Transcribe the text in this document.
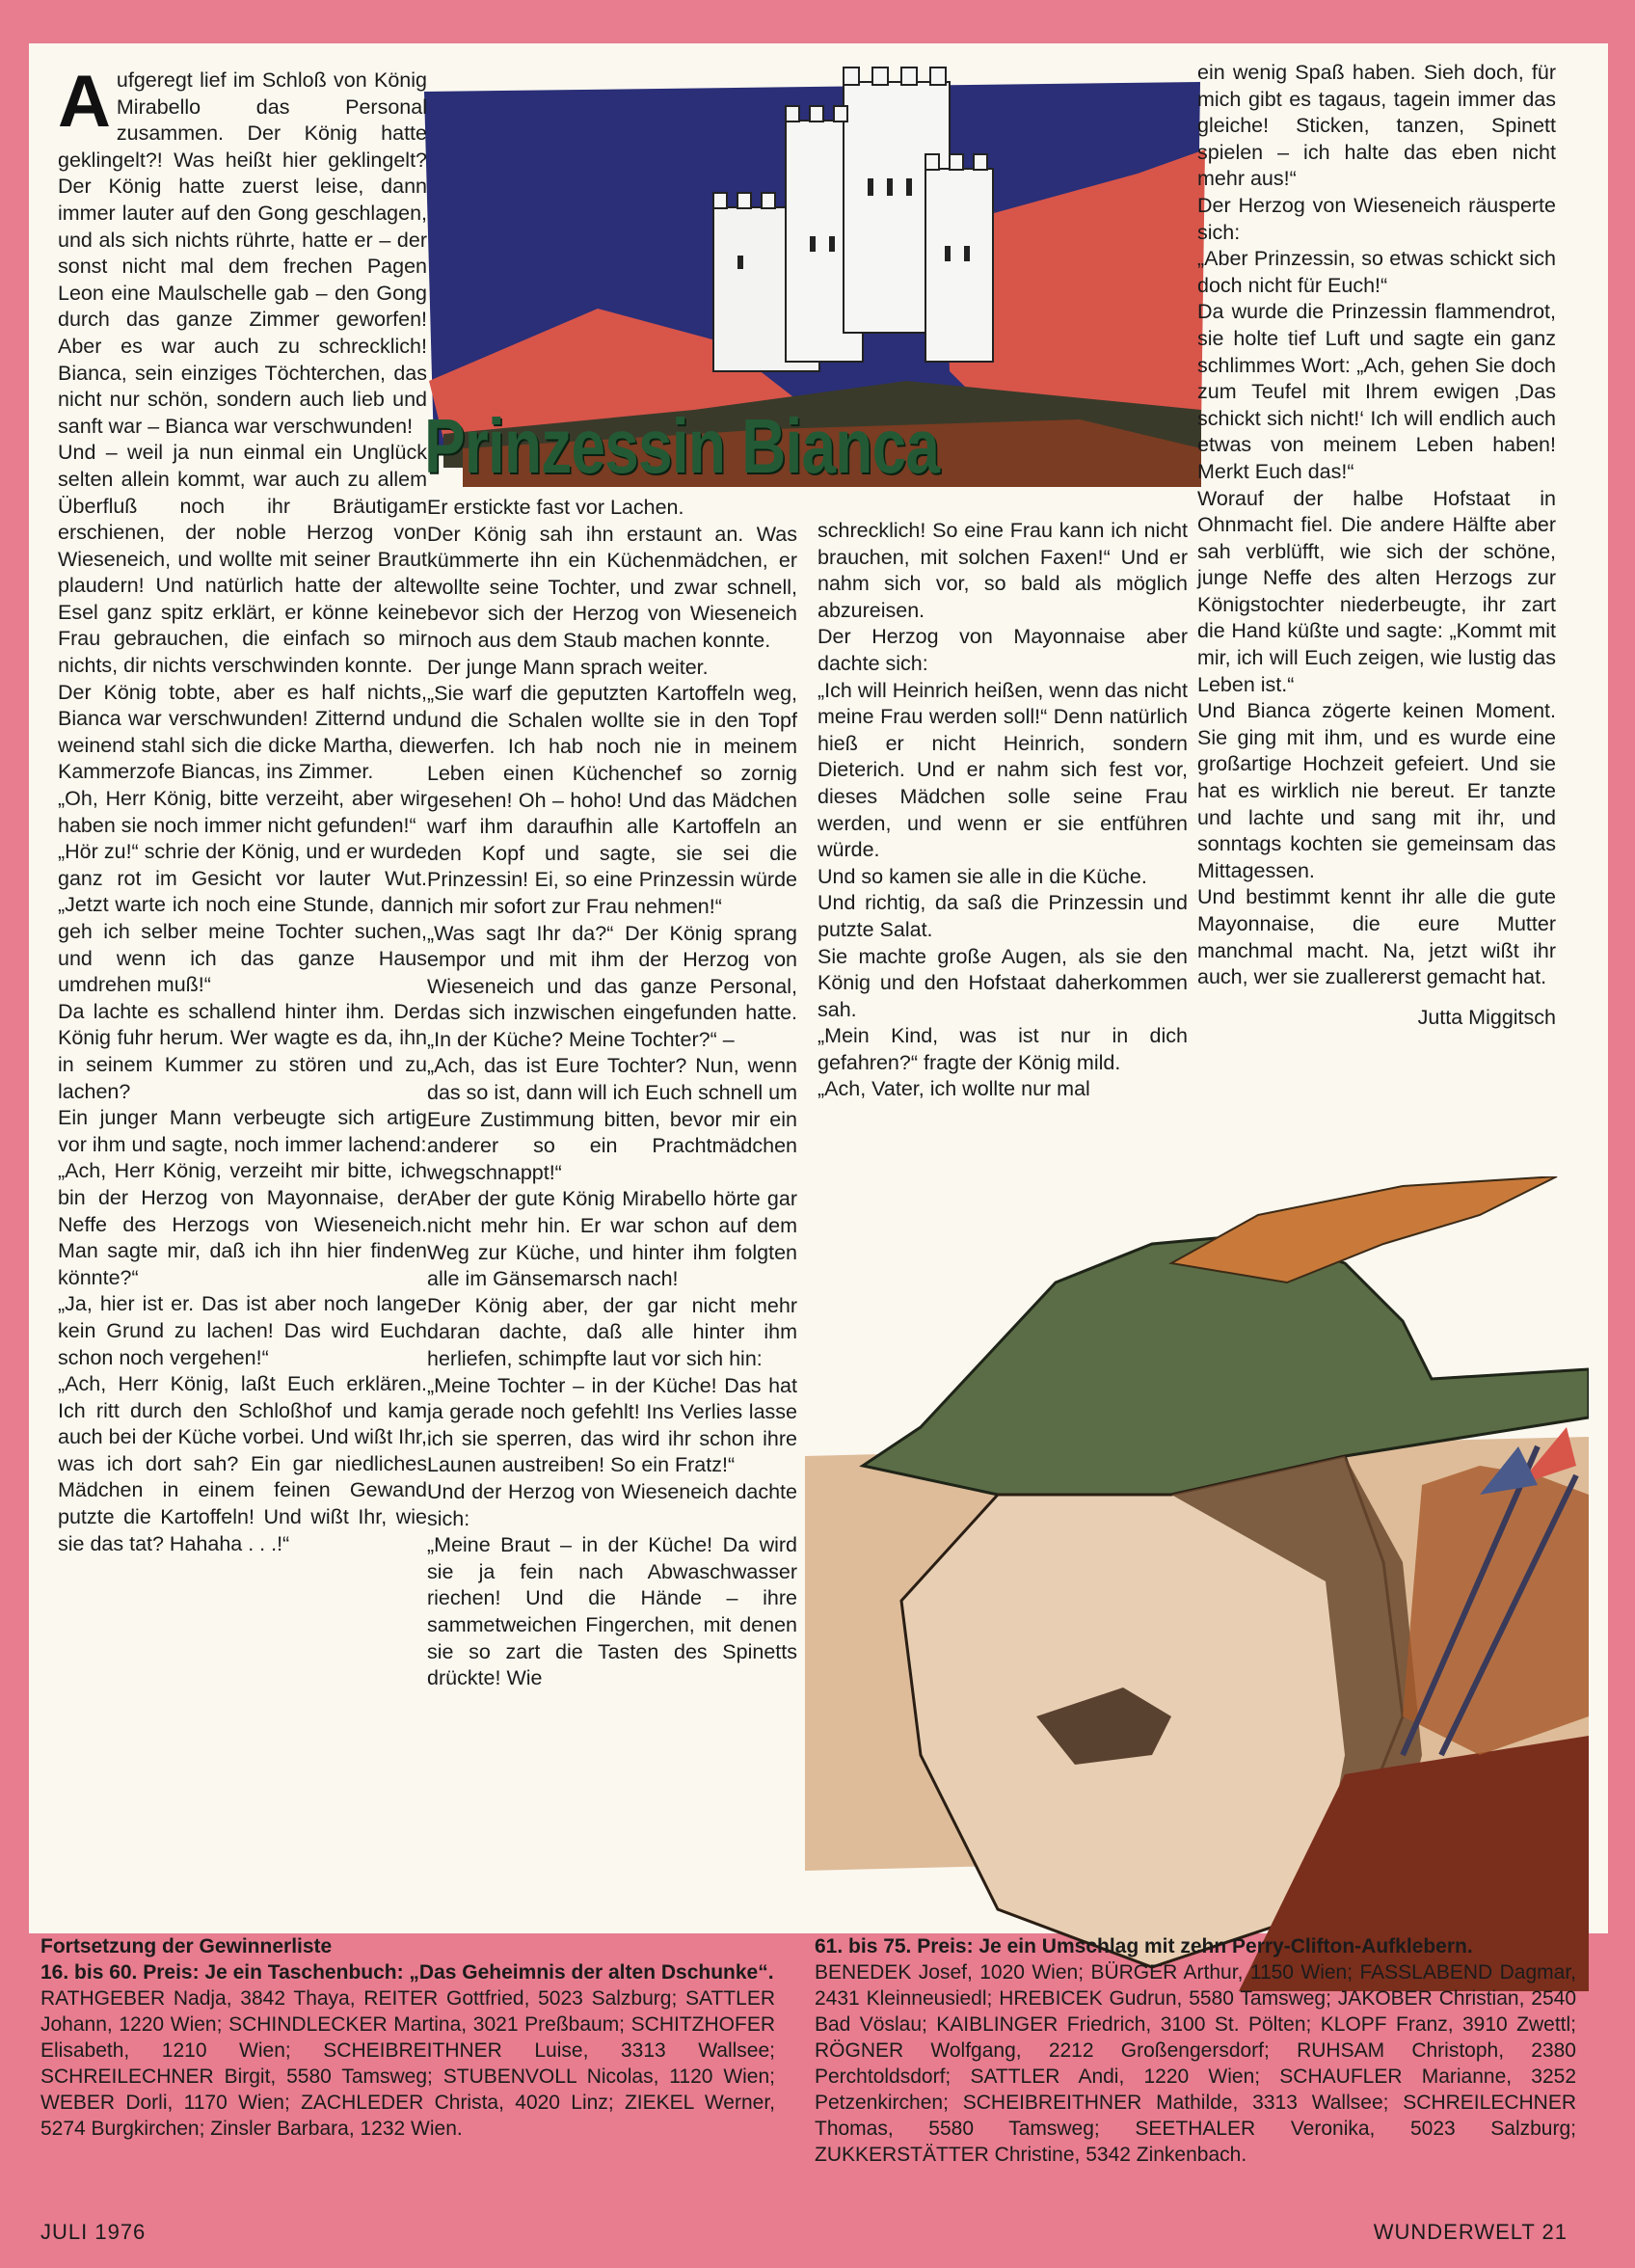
Prinzessin Bianca

Aufgeregt lief im Schloß von König Mirabello das Personal zusammen. Der König hatte geklingelt?! Was heißt hier geklingelt? Der König hatte zuerst leise, dann immer lauter auf den Gong geschlagen, und als sich nichts rührte, hatte er – der sonst nicht mal dem frechen Pagen Leon eine Maulschelle gab – den Gong durch das ganze Zimmer geworfen! Aber es war auch zu schrecklich! Bianca, sein einziges Töchterchen, das nicht nur schön, sondern auch lieb und sanft war – Bianca war verschwunden!

Und – weil ja nun einmal ein Unglück selten allein kommt, war auch zu allem Überfluß noch ihr Bräutigam erschienen, der noble Herzog von Wieseneich, und wollte mit seiner Braut plaudern! Und natürlich hatte der alte Esel ganz spitz erklärt, er könne keine Frau gebrauchen, die einfach so mir nichts, dir nichts verschwinden konnte.

Der König tobte, aber es half nichts, Bianca war verschwunden! Zitternd und weinend stahl sich die dicke Martha, die Kammerzofe Biancas, ins Zimmer.

„Oh, Herr König, bitte verzeiht, aber wir haben sie noch immer nicht gefunden!“

„Hör zu!“ schrie der König, und er wurde ganz rot im Gesicht vor lauter Wut. „Jetzt warte ich noch eine Stunde, dann geh ich selber meine Tochter suchen, und wenn ich das ganze Haus umdrehen muß!“

Da lachte es schallend hinter ihm. Der König fuhr herum. Wer wagte es da, ihn in seinem Kummer zu stören und zu lachen?

Ein junger Mann verbeugte sich artig vor ihm und sagte, noch immer lachend:

„Ach, Herr König, verzeiht mir bitte, ich bin der Herzog von Mayonnaise, der Neffe des Herzogs von Wieseneich. Man sagte mir, daß ich ihn hier finden könnte?“

„Ja, hier ist er. Das ist aber noch lange kein Grund zu lachen! Das wird Euch schon noch vergehen!“

„Ach, Herr König, laßt Euch erklären. Ich ritt durch den Schloßhof und kam auch bei der Küche vorbei. Und wißt Ihr, was ich dort sah? Ein gar niedliches Mädchen in einem feinen Gewand putzte die Kartoffeln! Und wißt Ihr, wie sie das tat? Hahaha . . .!“

Er erstickte fast vor Lachen.

Der König sah ihn erstaunt an. Was kümmerte ihn ein Küchenmädchen, er wollte seine Tochter, und zwar schnell, bevor sich der Herzog von Wieseneich noch aus dem Staub machen konnte.

Der junge Mann sprach weiter.

„Sie warf die geputzten Kartoffeln weg, und die Schalen wollte sie in den Topf werfen. Ich hab noch nie in meinem Leben einen Küchenchef so zornig gesehen! Oh – hoho! Und das Mädchen warf ihm daraufhin alle Kartoffeln an den Kopf und sagte, sie sei die Prinzessin! Ei, so eine Prinzessin würde ich mir sofort zur Frau nehmen!“

„Was sagt Ihr da?“ Der König sprang empor und mit ihm der Herzog von Wieseneich und das ganze Personal, das sich inzwischen eingefunden hatte. „In der Küche? Meine Tochter?“ –

„Ach, das ist Eure Tochter? Nun, wenn das so ist, dann will ich Euch schnell um Eure Zustimmung bitten, bevor mir ein anderer so ein Prachtmädchen wegschnappt!“

Aber der gute König Mirabello hörte gar nicht mehr hin. Er war schon auf dem Weg zur Küche, und hinter ihm folgten alle im Gänsemarsch nach!

Der König aber, der gar nicht mehr daran dachte, daß alle hinter ihm herliefen, schimpfte laut vor sich hin:

„Meine Tochter – in der Küche! Das hat ja gerade noch gefehlt! Ins Verlies lasse ich sie sperren, das wird ihr schon ihre Launen austreiben! So ein Fratz!“

Und der Herzog von Wieseneich dachte sich:

„Meine Braut – in der Küche! Da wird sie ja fein nach Abwaschwasser riechen! Und die Hände – ihre sammetweichen Fingerchen, mit denen sie so zart die Tasten des Spinetts drückte! Wie

schrecklich! So eine Frau kann ich nicht brauchen, mit solchen Faxen!“ Und er nahm sich vor, so bald als möglich abzureisen.

Der Herzog von Mayonnaise aber dachte sich:

„Ich will Heinrich heißen, wenn das nicht meine Frau werden soll!“ Denn natürlich hieß er nicht Heinrich, sondern Dieterich. Und er nahm sich fest vor, dieses Mädchen solle seine Frau werden, und wenn er sie entführen würde.

Und so kamen sie alle in die Küche.

Und richtig, da saß die Prinzessin und putzte Salat.

Sie machte große Augen, als sie den König und den Hofstaat daherkommen sah.

„Mein Kind, was ist nur in dich gefahren?“ fragte der König mild.

„Ach, Vater, ich wollte nur mal

ein wenig Spaß haben. Sieh doch, für mich gibt es tagaus, tagein immer das gleiche! Sticken, tanzen, Spinett spielen – ich halte das eben nicht mehr aus!“

Der Herzog von Wieseneich räusperte sich:

„Aber Prinzessin, so etwas schickt sich doch nicht für Euch!“

Da wurde die Prinzessin flammendrot, sie holte tief Luft und sagte ein ganz schlimmes Wort: „Ach, gehen Sie doch zum Teufel mit Ihrem ewigen ‚Das schickt sich nicht!‘ Ich will endlich auch etwas von meinem Leben haben! Merkt Euch das!“

Worauf der halbe Hofstaat in Ohnmacht fiel. Die andere Hälfte aber sah verblüfft, wie sich der schöne, junge Neffe des alten Herzogs zur Königstochter niederbeugte, ihr zart die Hand küßte und sagte: „Kommt mit mir, ich will Euch zeigen, wie lustig das Leben ist.“

Und Bianca zögerte keinen Moment. Sie ging mit ihm, und es wurde eine großartige Hochzeit gefeiert. Und sie hat es wirklich nie bereut. Er tanzte und lachte und sang mit ihr, und sonntags kochten sie gemeinsam das Mittagessen.

Und bestimmt kennt ihr alle die gute Mayonnaise, die eure Mutter manchmal macht. Na, jetzt wißt ihr auch, wer sie zuallererst gemacht hat.

Jutta Miggitsch

Fortsetzung der Gewinnerliste

16. bis 60. Preis: Je ein Taschenbuch: „Das Geheimnis der alten Dschunke“.

RATHGEBER Nadja, 3842 Thaya, REITER Gottfried, 5023 Salzburg; SATTLER Johann, 1220 Wien; SCHINDLECKER Martina, 3021 Preßbaum; SCHITZHOFER Elisabeth, 1210 Wien; SCHEIBREITHNER Luise, 3313 Wallsee; SCHREILECHNER Birgit, 5580 Tamsweg; STUBENVOLL Nicolas, 1120 Wien; WEBER Dorli, 1170 Wien; ZACHLEDER Christa, 4020 Linz; ZIEKEL Werner, 5274 Burgkirchen; Zinsler Barbara, 1232 Wien.

61. bis 75. Preis: Je ein Umschlag mit zehn Perry-Clifton-Aufklebern.

BENEDEK Josef, 1020 Wien; BÜRGER Arthur, 1150 Wien; FASSLABEND Dagmar, 2431 Kleinneusiedl; HREBICEK Gudrun, 5580 Tamsweg; JAKOBER Christian, 2540 Bad Vöslau; KAIBLINGER Friedrich, 3100 St. Pölten; KLOPF Franz, 3910 Zwettl; RÖGNER Wolfgang, 2212 Großengersdorf; RUHSAM Christoph, 2380 Perchtoldsdorf; SATTLER Andi, 1220 Wien; SCHAUFLER Marianne, 3252 Petzenkirchen; SCHEIBREITHNER Mathilde, 3313 Wallsee; SCHREILECHNER Thomas, 5580 Tamsweg; SEETHALER Veronika, 5023 Salzburg; ZUKKERSTÄTTER Christine, 5342 Zinkenbach.

JULI 1976	WUNDERWELT 21
